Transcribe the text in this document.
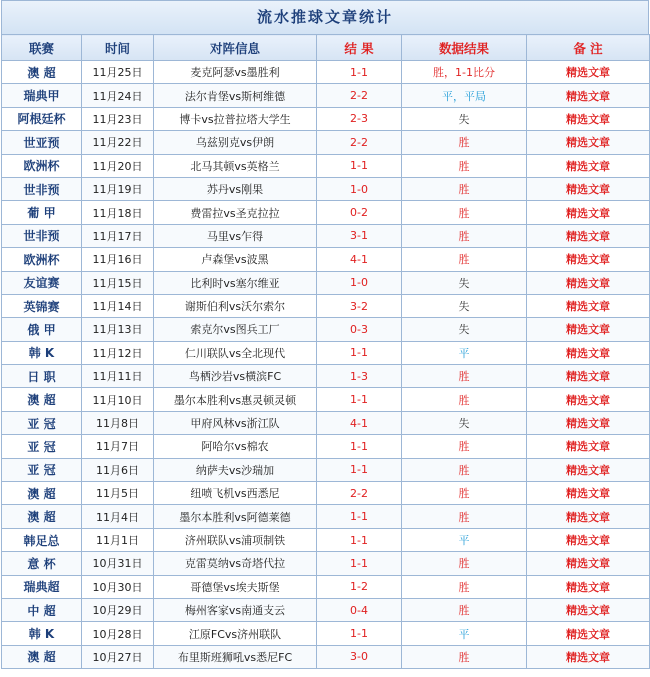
流水推球文章统计
联赛	时间	对阵信息	结 果	数据结果	备 注
澳 超	11月25日	麦克阿瑟vs墨胜利	1-1	胜，1-1比分	精选文章
瑞典甲	11月24日	法尔肯堡vs斯柯维德	2-2	平，平局	精选文章
阿根廷杯	11月23日	博卡vs拉普拉塔大学生	2-3	失	精选文章
世亚预	11月22日	乌兹别克vs伊朗	2-2	胜	精选文章
欧洲杯	11月20日	北马其顿vs英格兰	1-1	胜	精选文章
世非预	11月19日	苏丹vs刚果	1-0	胜	精选文章
葡 甲	11月18日	费雷拉vs圣克拉拉	0-2	胜	精选文章
世非预	11月17日	马里vs乍得	3-1	胜	精选文章
欧洲杯	11月16日	卢森堡vs波黑	4-1	胜	精选文章
友谊赛	11月15日	比利时vs塞尔维亚	1-0	失	精选文章
英锦赛	11月14日	谢斯伯利vs沃尔索尔	3-2	失	精选文章
俄 甲	11月13日	索克尔vs图兵工厂	0-3	失	精选文章
韩 K	11月12日	仁川联队vs全北现代	1-1	平	精选文章
日 职	11月11日	鸟栖沙岩vs横滨FC	1-3	胜	精选文章
澳 超	11月10日	墨尔本胜利vs惠灵顿灵顿	1-1	胜	精选文章
亚 冠	11月8日	甲府风林vs浙江队	4-1	失	精选文章
亚 冠	11月7日	阿哈尔vs棉农	1-1	胜	精选文章
亚 冠	11月6日	纳萨夫vs沙瑞加	1-1	胜	精选文章
澳 超	11月5日	纽喷飞机vs西悉尼	2-2	胜	精选文章
澳 超	11月4日	墨尔本胜利vs阿德莱德	1-1	胜	精选文章
韩足总	11月1日	济州联队vs浦项制铁	1-1	平	精选文章
意 杯	10月31日	克雷莫纳vs奇塔代拉	1-1	胜	精选文章
瑞典超	10月30日	哥德堡vs埃夫斯堡	1-2	胜	精选文章
中 超	10月29日	梅州客家vs南通支云	0-4	胜	精选文章
韩 K	10月28日	江原FCvs济州联队	1-1	平	精选文章
澳 超	10月27日	布里斯班狮吼vs悉尼FC	3-0	胜	精选文章
